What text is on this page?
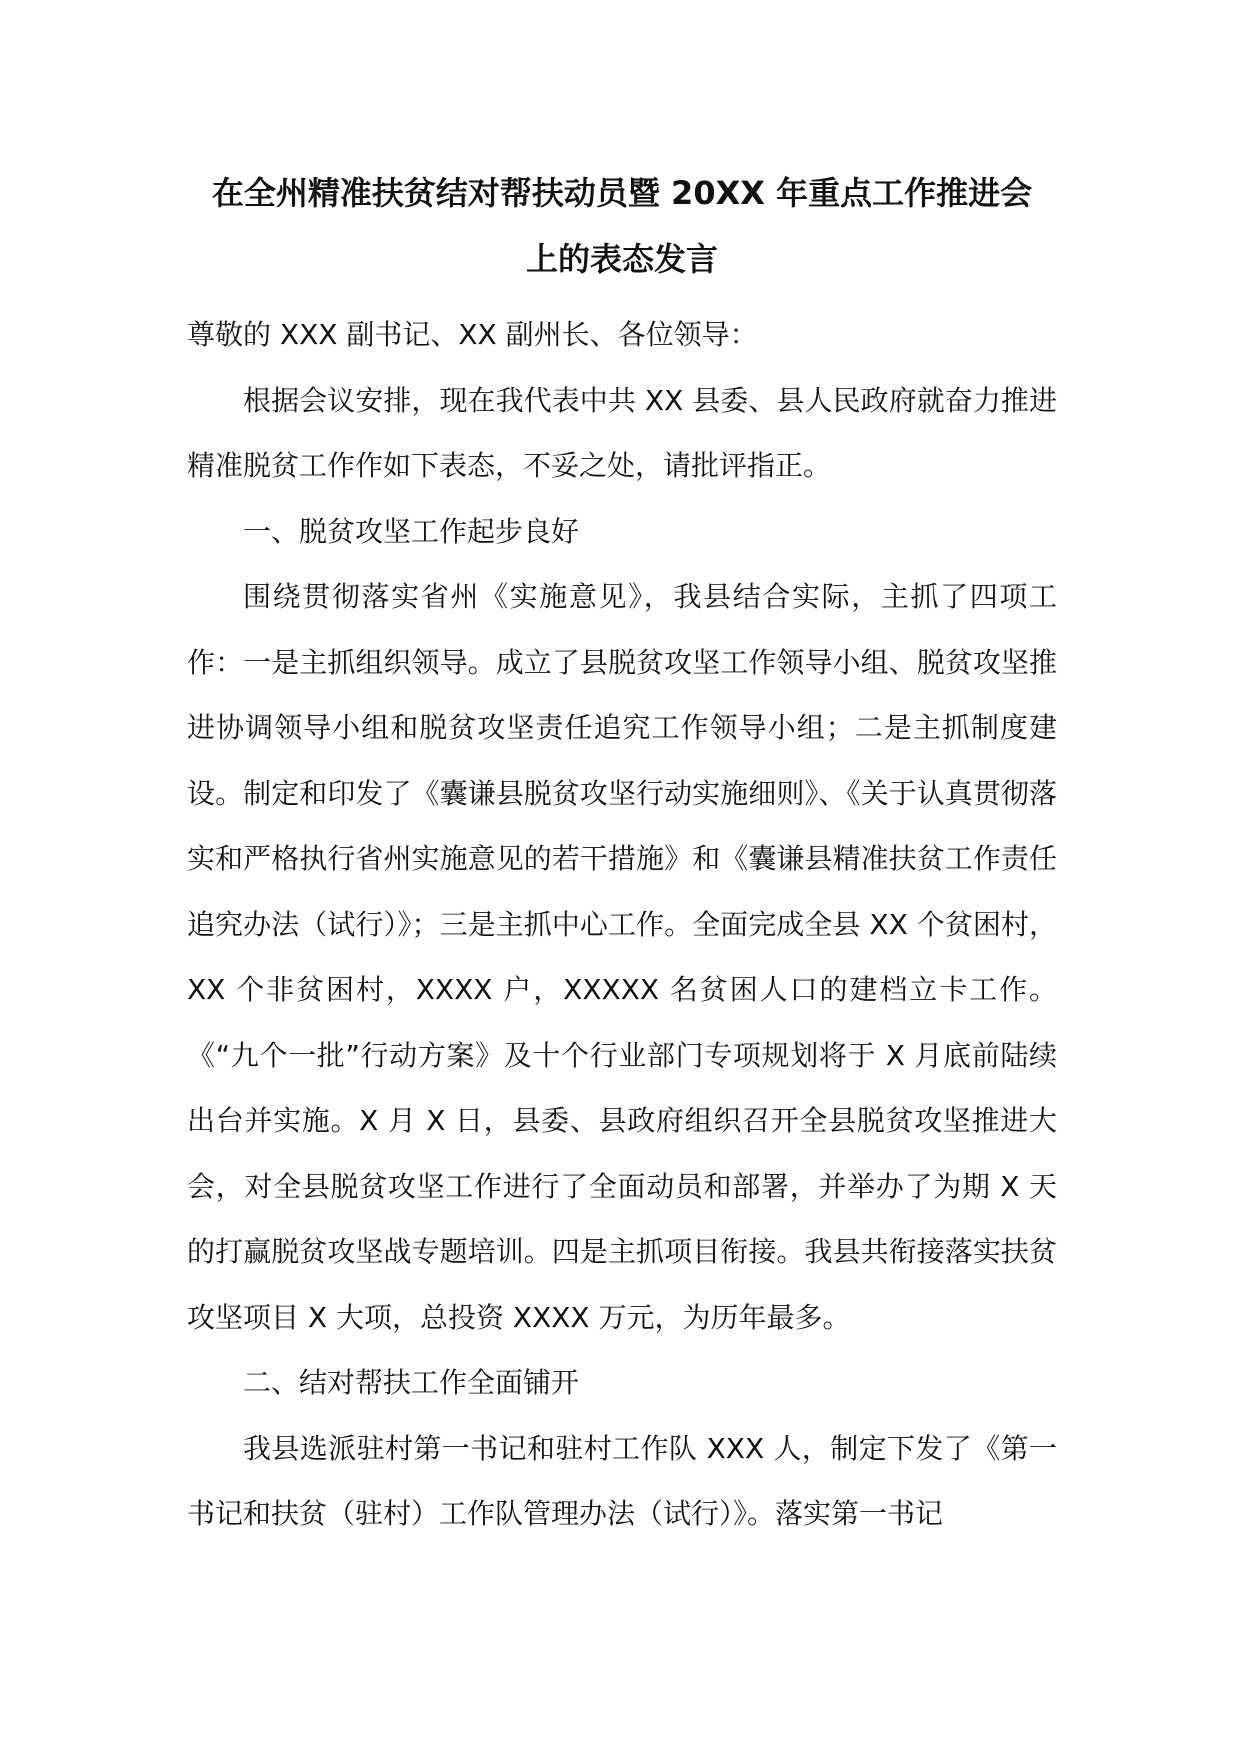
在全州精准扶贫结对帮扶动员暨 20XX 年重点工作推进会
上的表态发言

尊敬的 XXX 副书记、XX 副州长、各位领导：

根据会议安排，现在我代表中共 XX 县委、县人民政府就奋力推进精准脱贫工作作如下表态，不妥之处，请批评指正。

一、脱贫攻坚工作起步良好

围绕贯彻落实省州《实施意见》，我县结合实际，主抓了四项工作：一是主抓组织领导。成立了县脱贫攻坚工作领导小组、脱贫攻坚推进协调领导小组和脱贫攻坚责任追究工作领导小组；二是主抓制度建设。制定和印发了《囊谦县脱贫攻坚行动实施细则》、《关于认真贯彻落实和严格执行省州实施意见的若干措施》和《囊谦县精准扶贫工作责任追究办法（试行）》；三是主抓中心工作。全面完成全县 XX 个贫困村，XX 个非贫困村，XXXX 户，XXXXX 名贫困人口的建档立卡工作。《“九个一批”行动方案》及十个行业部门专项规划将于 X 月底前陆续出台并实施。X 月 X 日，县委、县政府组织召开全县脱贫攻坚推进大会，对全县脱贫攻坚工作进行了全面动员和部署，并举办了为期 X 天的打赢脱贫攻坚战专题培训。四是主抓项目衔接。我县共衔接落实扶贫攻坚项目 X 大项，总投资 XXXX 万元，为历年最多。

二、结对帮扶工作全面铺开

我县选派驻村第一书记和驻村工作队 XXX 人，制定下发了《第一书记和扶贫（驻村）工作队管理办法（试行）》。落实第一书记
